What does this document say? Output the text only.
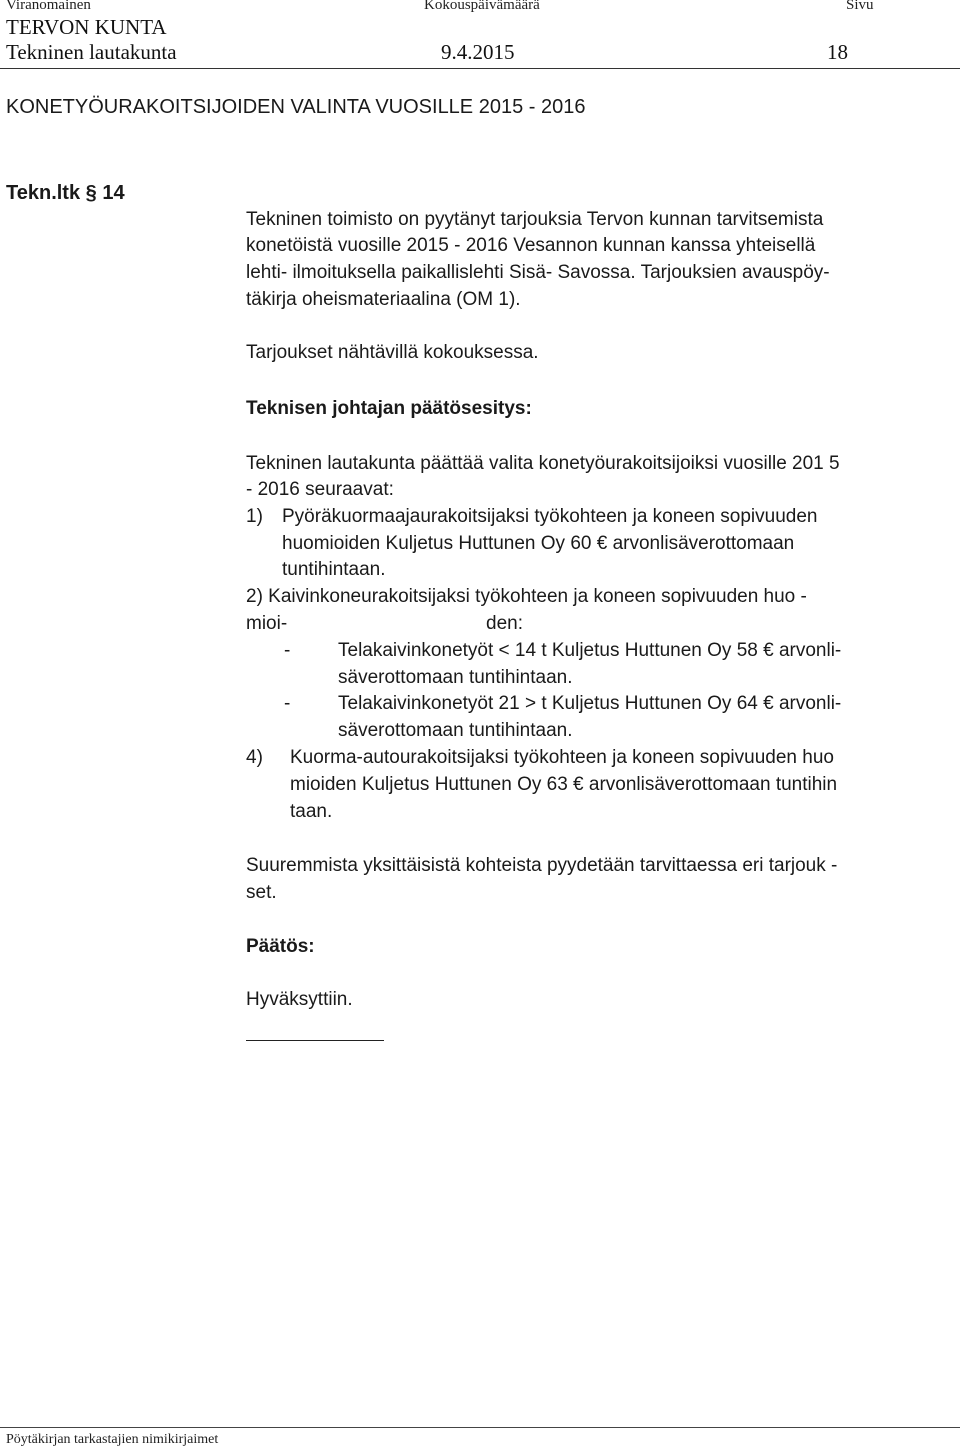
Viranomainen	Kokouspäivämäärä	Sivu
TERVON KUNTA
Tekninen lautakunta	9.4.2015	18
KONETYÖURAKOITSIJOIDEN VALINTA VUOSILLE 2015 - 2016
Tekn.ltk § 14
Tekninen toimisto on pyytänyt tarjouksia Tervon kunnan tarvitsemista
konetöistä vuosille 2015 - 2016 Vesannon kunnan kanssa yhteisellä
lehti- ilmoituksella paikallislehti Sisä- Savossa. Tarjouksien avauspöy-
täkirja oheismateriaalina (OM 1).
Tarjoukset nähtävillä kokouksessa.
Teknisen johtajan päätösesitys:
Tekninen lautakunta päättää valita konetyöurakoitsijoiksi vuosille 201 5
- 2016 seuraavat:
1) Pyöräkuormaajaurakoitsijaksi työkohteen ja koneen sopivuuden
huomioiden Kuljetus Huttunen Oy 60 € arvonlisäverottomaan
tuntihintaan.
2) Kaivinkoneurakoitsijaksi työkohteen ja koneen sopivuuden huo -
mioi-	den:
-	Telakaivinkonetyöt < 14 t Kuljetus Huttunen Oy 58 € arvonli-
säverottomaan tuntihintaan.
-	Telakaivinkonetyöt 21 > t Kuljetus Huttunen Oy 64 € arvonli-
säverottomaan tuntihintaan.
4) Kuorma-autourakoitsijaksi työkohteen ja koneen sopivuuden huo
mioiden Kuljetus Huttunen Oy 63 € arvonlisäverottomaan tuntihin
taan.
Suuremmista yksittäisistä kohteista pyydetään tarvittaessa eri tarjouk -
set.
Päätös:
Hyväksyttiin.
Pöytäkirjan tarkastajien nimikirjaimet
